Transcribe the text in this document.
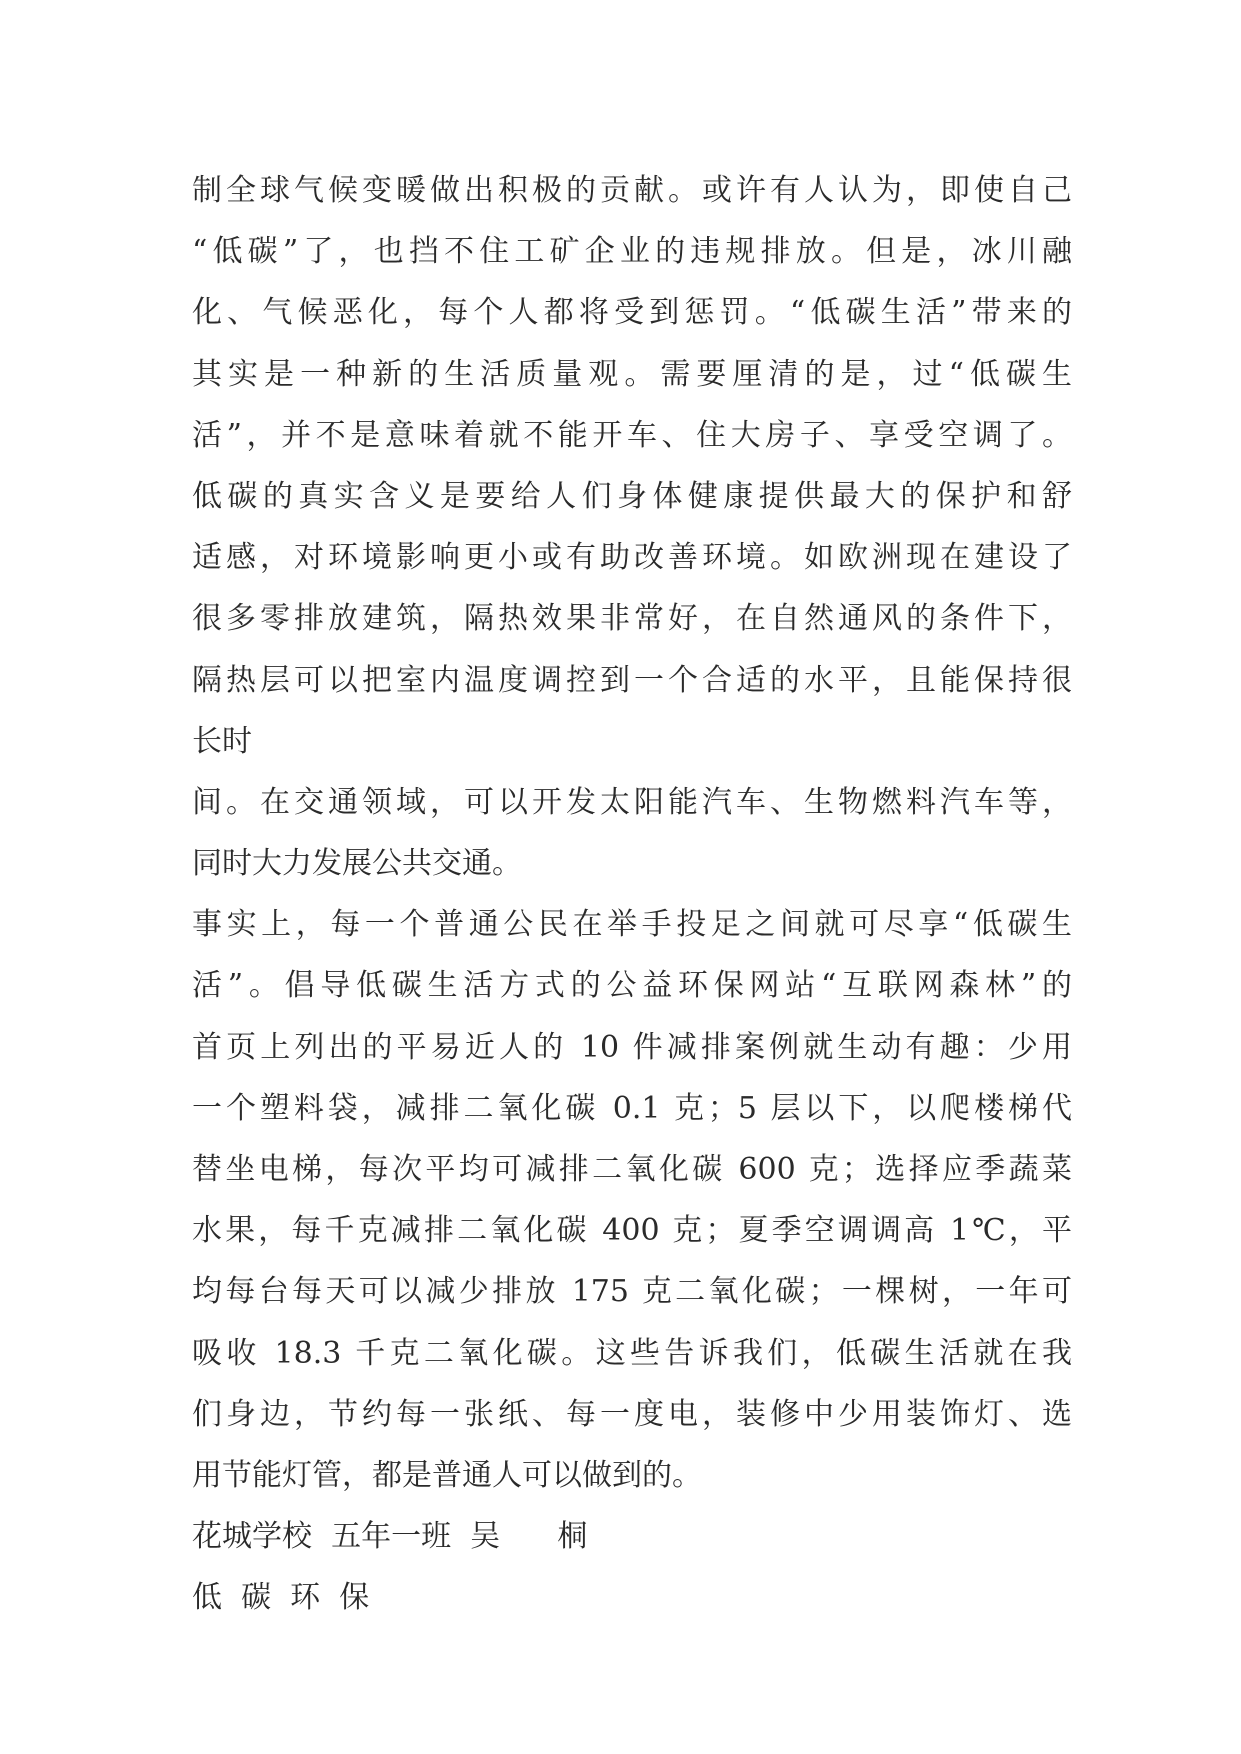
制全球气候变暖做出积极的贡献。或许有人认为，即使自己
“低碳”了，也挡不住工矿企业的违规排放。但是，冰川融
化、气候恶化，每个人都将受到惩罚。“低碳生活”带来的
其实是一种新的生活质量观。需要厘清的是，过“低碳生
活”，并不是意味着就不能开车、住大房子、享受空调了。
低碳的真实含义是要给人们身体健康提供最大的保护和舒
适感，对环境影响更小或有助改善环境。如欧洲现在建设了
很多零排放建筑，隔热效果非常好，在自然通风的条件下，
隔热层可以把室内温度调控到一个合适的水平，且能保持很
长时
间。在交通领域，可以开发太阳能汽车、生物燃料汽车等，
同时大力发展公共交通。
事实上，每一个普通公民在举手投足之间就可尽享“低碳生
活”。倡导低碳生活方式的公益环保网站“互联网森林”的
首页上列出的平易近人的 10 件减排案例就生动有趣：少用
一个塑料袋，减排二氧化碳 0.1 克；5 层以下，以爬楼梯代
替坐电梯，每次平均可减排二氧化碳 600 克；选择应季蔬菜
水果，每千克减排二氧化碳 400 克；夏季空调调高 1℃，平
均每台每天可以减少排放 175 克二氧化碳；一棵树，一年可
吸收 18.3 千克二氧化碳。这些告诉我们，低碳生活就在我
们身边，节约每一张纸、每一度电，装修中少用装饰灯、选
用节能灯管，都是普通人可以做到的。
花城学校  五年一班  吴      桐
低  碳  环  保
